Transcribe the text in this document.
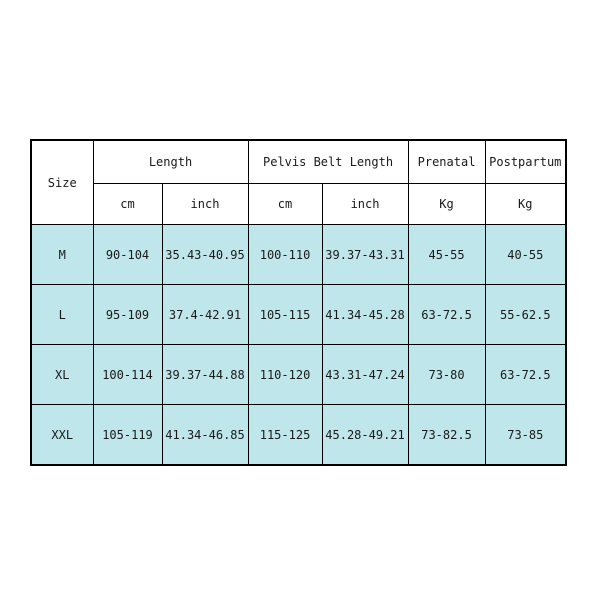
Size	Length		Pelvis Belt Length		Prenatal	Postpartum
	cm	inch	cm	inch	Kg	Kg
M	90-104	35.43-40.95	100-110	39.37-43.31	45-55	40-55
L	95-109	37.4-42.91	105-115	41.34-45.28	63-72.5	55-62.5
XL	100-114	39.37-44.88	110-120	43.31-47.24	73-80	63-72.5
XXL	105-119	41.34-46.85	115-125	45.28-49.21	73-82.5	73-85
